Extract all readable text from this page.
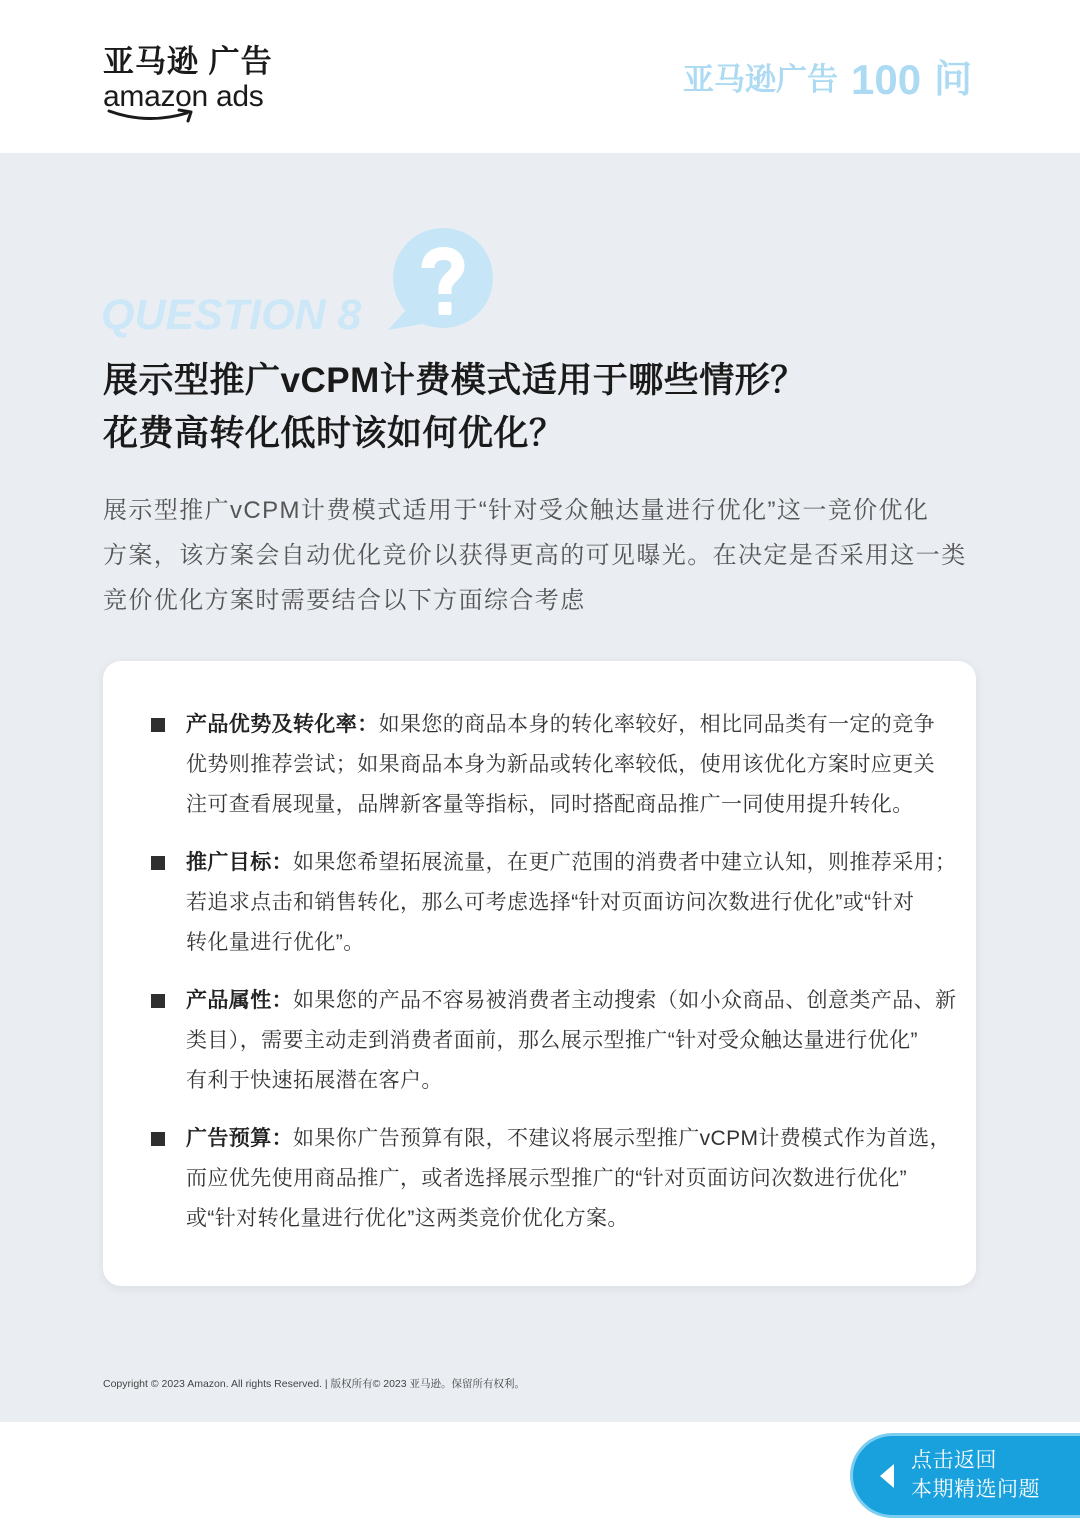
亚马逊 广告
amazon ads	亚马逊广告 100 问
QUESTION 8
展示型推广vCPM计费模式适用于哪些情形？
花费高转化低时该如何优化？
展示型推广vCPM计费模式适用于“针对受众触达量进行优化”这一竞价优化
方案，该方案会自动优化竞价以获得更高的可见曝光。在决定是否采用这一类
竞价优化方案时需要结合以下方面综合考虑
产品优势及转化率：如果您的商品本身的转化率较好，相比同品类有一定的竞争
优势则推荐尝试；如果商品本身为新品或转化率较低，使用该优化方案时应更关
注可查看展现量，品牌新客量等指标，同时搭配商品推广一同使用提升转化。
推广目标：如果您希望拓展流量，在更广范围的消费者中建立认知，则推荐采用；
若追求点击和销售转化，那么可考虑选择“针对页面访问次数进行优化”或“针对
转化量进行优化”。
产品属性：如果您的产品不容易被消费者主动搜索（如小众商品、创意类产品、新
类目），需要主动走到消费者面前，那么展示型推广“针对受众触达量进行优化”
有利于快速拓展潜在客户。
广告预算：如果你广告预算有限，不建议将展示型推广vCPM计费模式作为首选，
而应优先使用商品推广，或者选择展示型推广的“针对页面访问次数进行优化”
或“针对转化量进行优化”这两类竞价优化方案。
Copyright © 2023 Amazon. All rights Reserved. | 版权所有© 2023 亚马逊。保留所有权利。
点击返回
本期精选问题
